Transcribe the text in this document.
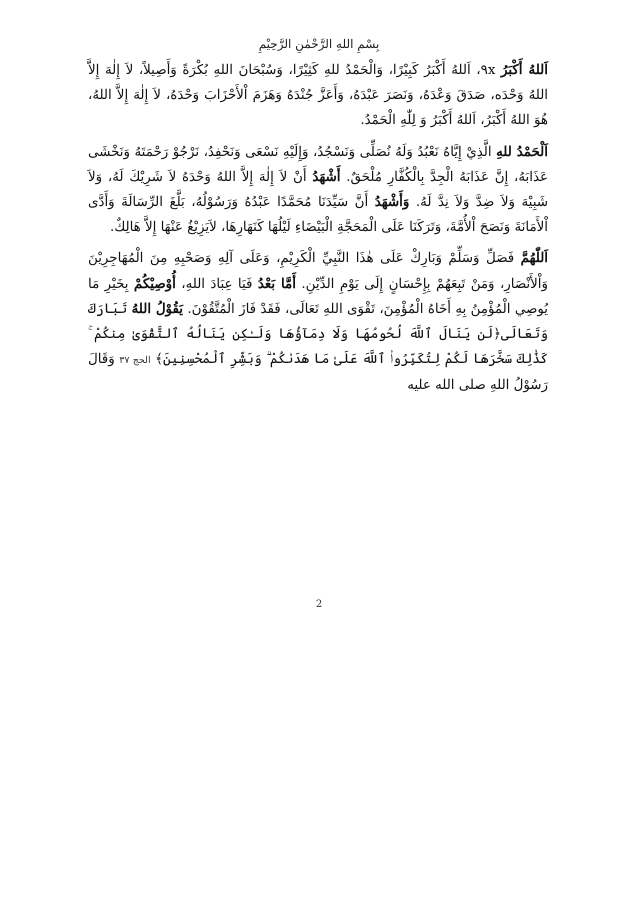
بِسْمِ اللهِ الرَّحْمٰنِ الرَّحِيْمِ

اَللهُ أَكْبَرُ ۹x، اَللهُ أَكْبَرُ كَبِيْرًا، وَالْحَمْدُ للهِ كَثِيْرًا، وَسُبْحَانَ اللهِ بُكْرَةً وَأَصِيلاً، لاَ إِلٰهَ إِلاَّ اللهُ وَحْدَه، صَدَقَ وَعْدَهُ، وَنَصَرَ عَبْدَهُ، وَأَعَزَّ جُنْدَهُ وَهَزَمَ اْلأَحْزَابَ وَحْدَهُ، لاَ إِلٰهَ إِلاَّ اللهُ، هُوَ اللهُ أَكْبَرُ، اَللهُ أَكْبَرُ وَ لِلّٰهِ الْحَمْدُ.

اَلْحَمْدُ للهِ الَّذِيْ إِيَّاهُ نَعْبُدُ وَلَهُ نُصَلِّى وَنَسْجُدُ، وَإِلَيْهِ نَسْعَى وَنَحْفِدُ، نَرْجُوْ رَحْمَتَهُ وَنَخْشَى عَذَابَهُ، إِنَّ عَذَابَهُ الْجِدَّ بِالْكُفَّارِ مُلْحَقٌ. أَشْهَدُ أَنْ لاَ إِلٰهَ إِلاَّ اللهُ وَحْدَهُ لاَ شَرِيْكَ لَهُ، وَلاَ شَبِيْهَ وَلاَ ضِدَّ وَلاَ نِدَّ لَهُ. وَأَشْهَدُ أَنَّ سَيِّدَنَا مُحَمَّدًا عَبْدُهُ وَرَسُوْلُهُ، بَلَّغَ الرِّسَالَةَ وَأَدَّى اْلأَمَانَةَ وَنَصَحَ اْلأُمَّةَ، وَتَرَكَنَا عَلَى الْمَحَجَّةِ الْبَيْضَاءِ لَيْلُهَا كَنَهَارِهَا، لاَيَزِيْغُ عَنْهَا إِلاَّ هَالِكٌ.

اَللّٰهُمَّ فَصَلِّ وَسَلِّمْ وَبَارِكْ عَلَى هٰذَا النَّبِيِّ الْكَرِيْمِ، وَعَلَى آلِهِ وَصَحْبِهِ مِنَ الْمُهَاجِرِيْنَ وَاْلأَنْصَارِ، وَمَنْ تَبِعَهُمْ بِإِحْسَانٍ إِلَى يَوْمِ الدِّيْنِ. أَمَّا بَعْدُ فَيَا عِبَادَ اللهِ، أُوْصِيْكُمْ بِخَيْرِ مَا يُوصِي الْمُؤْمِنُ بِهِ أَخَاهُ الْمُؤْمِنَ، تَقْوَى اللهِ تَعَالَى، فَقَدْ فَازَ الْمُتَّقُوْنَ. يَقُوْلُ اللهُ تَبَارَكَ وَتَعَالَى﴿لَن يَنَالَ ٱللَّهَ لُحُومُهَا وَلَا دِمَآؤُهَا وَلَـٰكِن يَنَالُهُ ٱلتَّقْوَىٰ مِنكُمْ ۚ كَذَٰلِكَ سَخَّرَهَا لَكُمْ لِتُكَبِّرُوا۟ ٱللَّهَ عَلَىٰ مَا هَدَىٰكُمْ ۗ وَبَشِّرِ ٱلْمُحْسِنِينَ﴾ الحج ۳۷ وَقَالَ رَسُوْلُ اللهِ صلى الله عليه

2
